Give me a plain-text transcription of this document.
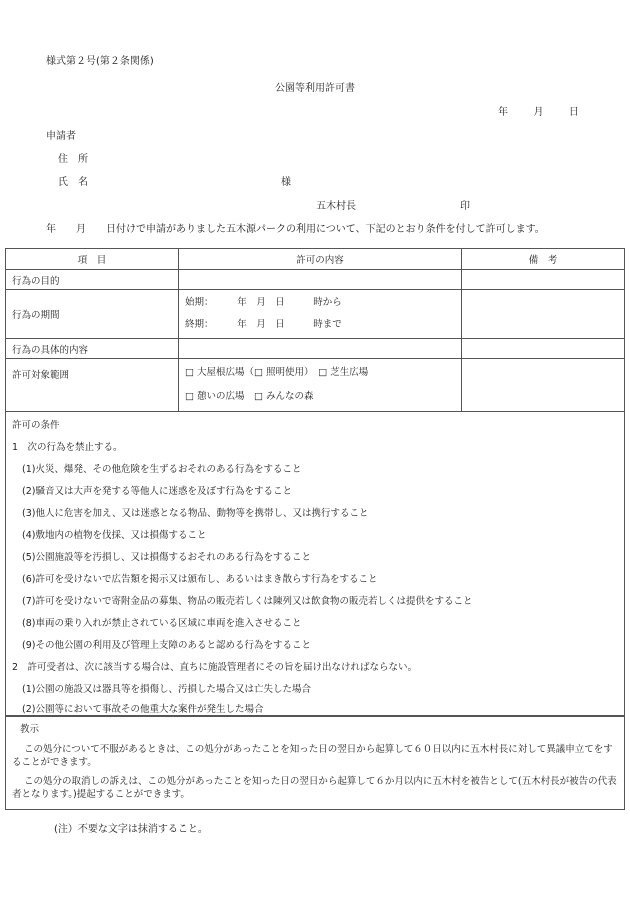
様式第２号(第２条関係)
公園等利用許可書
年	月	日
申請者
住　所
氏　名	様
五木村長	印
年　　月　　日付けで申請がありました五木源パークの利用について、下記のとおり条件を付して許可します。
項　目	許可の内容	備　考
行為の目的		
行為の期間	始期：　　　年　月　日　　　時から
終期：　　　年　月　日　　　時まで	

行為の具体的内容		
許可対象範囲	□ 大屋根広場（□ 照明使用）　□ 芝生広場
□ 憩いの広場　□ みんなの森	

許可の条件
1　次の行為を禁止する。
(1)火災、爆発、その他危険を生ずるおそれのある行為をすること
(2)騒音又は大声を発する等他人に迷惑を及ぼす行為をすること
(3)他人に危害を加え、又は迷惑となる物品、動物等を携帯し、又は携行すること
(4)敷地内の植物を伐採、又は損傷すること
(5)公園施設等を汚損し、又は損傷するおそれのある行為をすること
(6)許可を受けないで広告類を掲示又は頒布し、あるいはまき散らす行為をすること
(7)許可を受けないで寄附金品の募集、物品の販売若しくは陳列又は飲食物の販売若しくは提供をすること
(8)車両の乗り入れが禁止されている区域に車両を進入させること
(9)その他公園の利用及び管理上支障のあると認める行為をすること
2　許可受者は、次に該当する場合は、直ちに施設管理者にその旨を届け出なければならない。
(1)公園の施設又は器具等を損傷し、汚損した場合又は亡失した場合
(2)公園等において事故その他重大な案件が発生した場合
教示
この処分について不服があるときは、この処分があったことを知った日の翌日から起算して６０日以内に五木村長に対して異議申立てをすることができます。
この処分の取消しの訴えは、この処分があったことを知った日の翌日から起算して６か月以内に五木村を被告として(五木村長が被告の代表者となります。)提起することができます。
(注）不要な文字は抹消すること。
